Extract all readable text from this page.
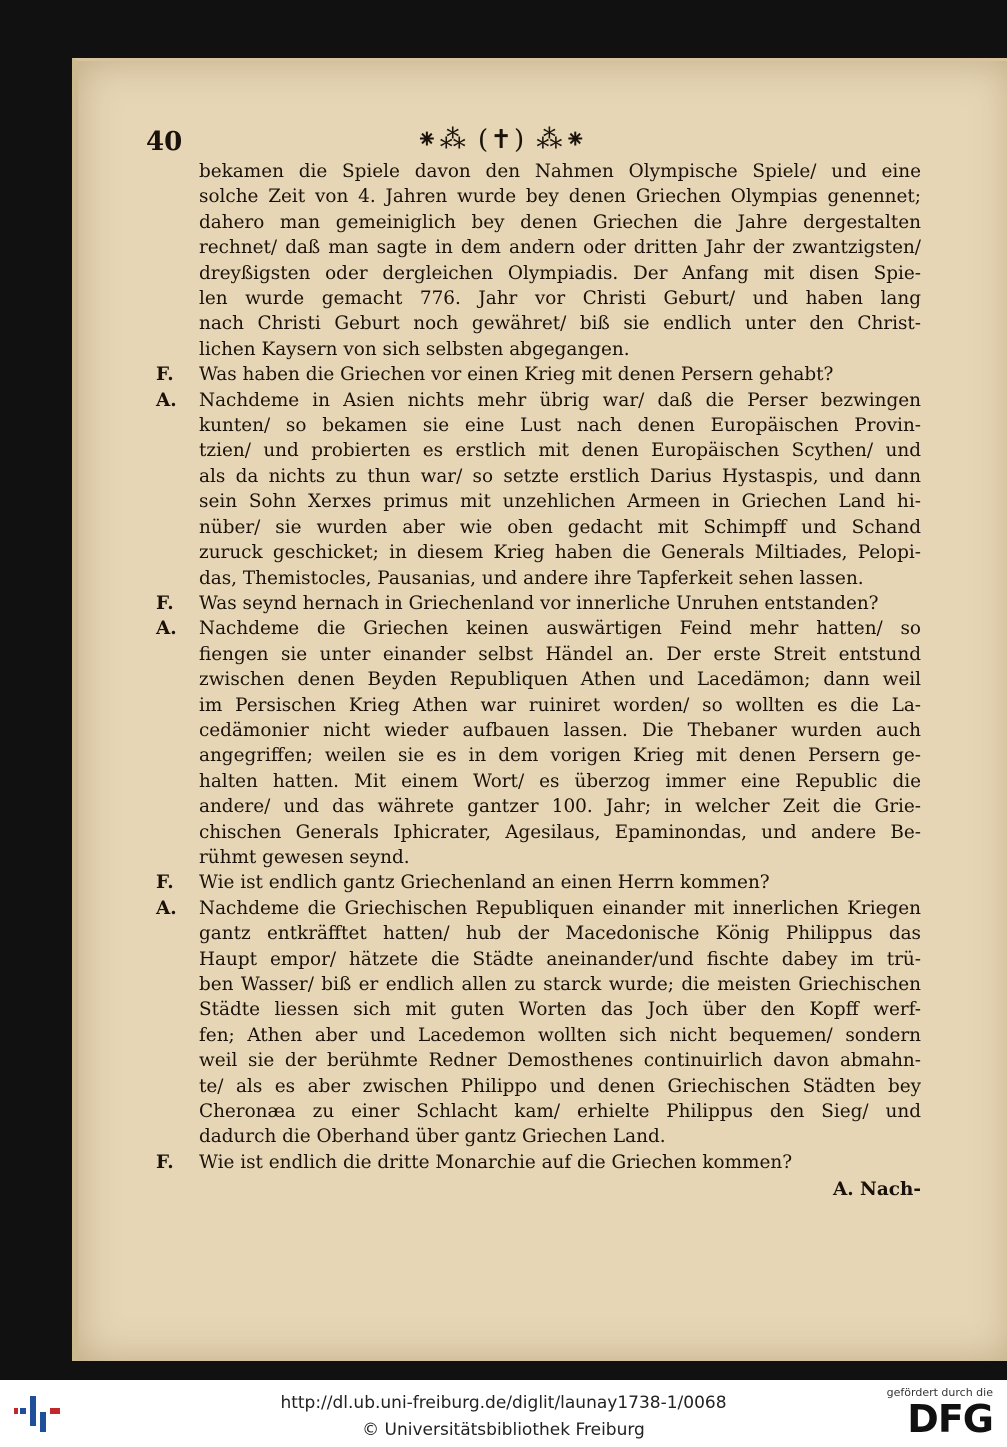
40	⁕⁂ (✝) ⁂⁕
bekamen die Spiele davon den Nahmen Olympische Spiele/ und eine
solche Zeit von 4. Jahren wurde bey denen Griechen Olympias genennet;
dahero man gemeiniglich bey denen Griechen die Jahre dergestalten
rechnet/ daß man sagte in dem andern oder dritten Jahr der zwantzigsten/
dreyßigsten oder dergleichen Olympiadis. Der Anfang mit disen Spie-
len wurde gemacht 776. Jahr vor Christi Geburt/ und haben lang
nach Christi Geburt noch gewähret/ biß sie endlich unter den Christ-
lichen Kaysern von sich selbsten abgegangen.
F. Was haben die Griechen vor einen Krieg mit denen Persern gehabt?
A. Nachdeme in Asien nichts mehr übrig war/ daß die Perser bezwingen
kunten/ so bekamen sie eine Lust nach denen Europäischen Provin-
tzien/ und probierten es erstlich mit denen Europäischen Scythen/ und
als da nichts zu thun war/ so setzte erstlich Darius Hystaspis, und dann
sein Sohn Xerxes primus mit unzehlichen Armeen in Griechen Land hi-
nüber/ sie wurden aber wie oben gedacht mit Schimpff und Schand
zuruck geschicket; in diesem Krieg haben die Generals Miltiades, Pelopi-
das, Themistocles, Pausanias, und andere ihre Tapferkeit sehen lassen.
F. Was seynd hernach in Griechenland vor innerliche Unruhen entstanden?
A. Nachdeme die Griechen keinen auswärtigen Feind mehr hatten/ so
fiengen sie unter einander selbst Händel an. Der erste Streit entstund
zwischen denen Beyden Republiquen Athen und Lacedämon; dann weil
im Persischen Krieg Athen war ruiniret worden/ so wollten es die La-
cedämonier nicht wieder aufbauen lassen. Die Thebaner wurden auch
angegriffen; weilen sie es in dem vorigen Krieg mit denen Persern ge-
halten hatten. Mit einem Wort/ es überzog immer eine Republic die
andere/ und das währete gantzer 100. Jahr; in welcher Zeit die Grie-
chischen Generals Iphicrater, Agesilaus, Epaminondas, und andere Be-
rühmt gewesen seynd.
F. Wie ist endlich gantz Griechenland an einen Herrn kommen?
A. Nachdeme die Griechischen Republiquen einander mit innerlichen Kriegen
gantz entkräfftet hatten/ hub der Macedonische König Philippus das
Haupt empor/ hätzete die Städte aneinander/und fischte dabey im trü-
ben Wasser/ biß er endlich allen zu starck wurde; die meisten Griechischen
Städte liessen sich mit guten Worten das Joch über den Kopff werf-
fen; Athen aber und Lacedemon wollten sich nicht bequemen/ sondern
weil sie der berühmte Redner Demosthenes continuirlich davon abmahn-
te/ als es aber zwischen Philippo und denen Griechischen Städten bey
Cheronæa zu einer Schlacht kam/ erhielte Philippus den Sieg/ und
dadurch die Oberhand über gantz Griechen Land.
F. Wie ist endlich die dritte Monarchie auf die Griechen kommen?
A. Nach-
http://dl.ub.uni-freiburg.de/diglit/launay1738-1/0068
© Universitätsbibliothek Freiburg
gefördert durch die
DFG
